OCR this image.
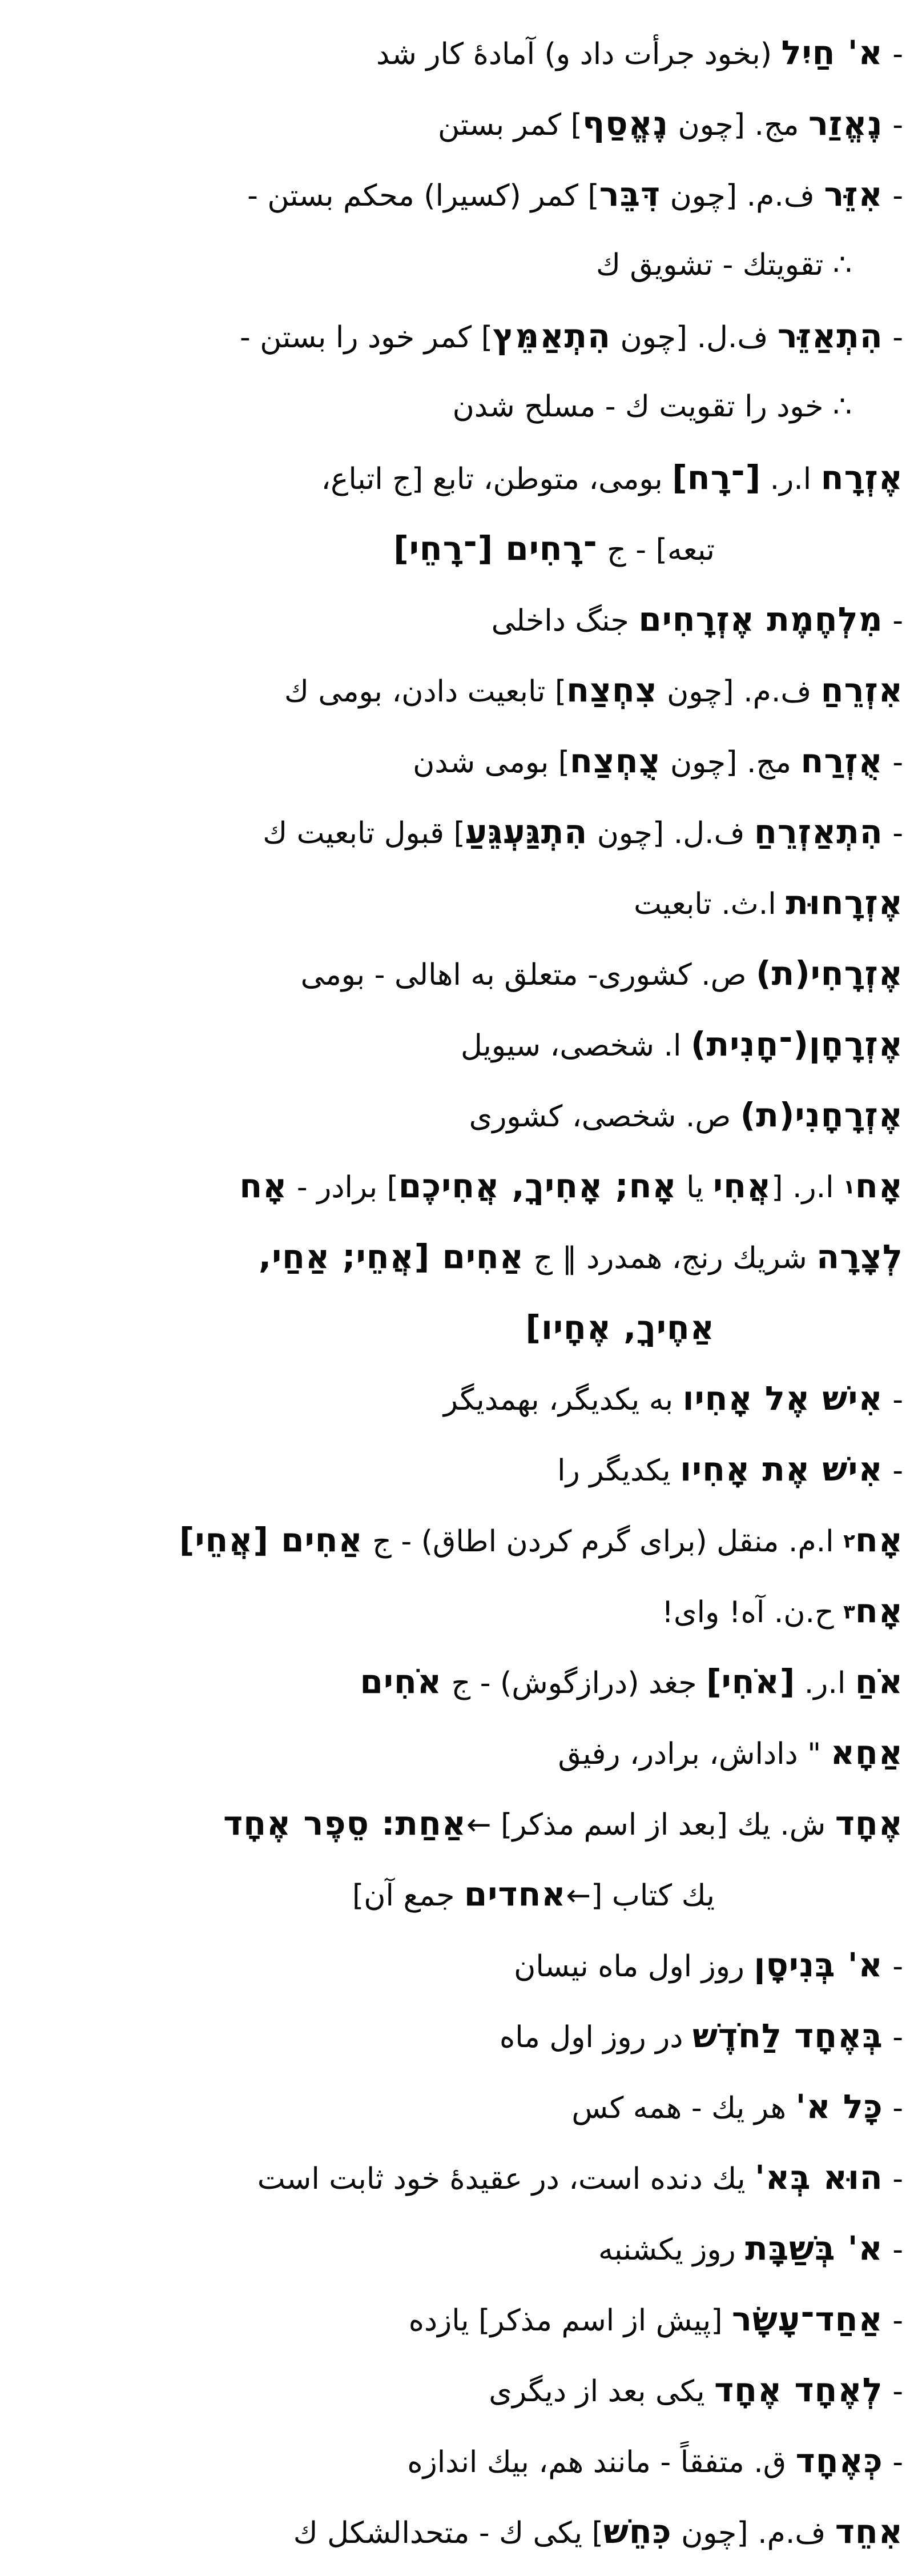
- א' חַיִל (بخود جرأت داد و) آمادۀ كار شد
- נֶאֱזַר مج. [چون נֶאֱסַף] كمر بستن
- אִזֵּר ف.م. [چون דִּבֵּר] كمر (كسيرا) محكم بستن -
∴ تقويتك - تشويق ك
- הִתְאַזֵּר ف.ل. [چون הִתְאַמֵּץ] كمر خود را بستن -
∴ خود را تقويت ك - مسلح شدن
אֶזְרָח ا.ر. [־רָח] بومى، متوطن، تابع [ج اتباع،
تبعه] - ج ־רָחִים [־רָחֵי]
- מִלְחֶמֶת אֶזְרָחִים جنگ داخلى
אִזְרֵחַ ف.م. [چون צִחְצַח] تابعيت دادن، بومى ك
- אֻזְרַח مج. [چون צֻחְצַח] بومى شدن
- הִתְאַזְרֵחַ ف.ل. [چون הִתְגַּעְגֵּעַ] قبول تابعيت ك
אֶזְרָחוּת ا.ث. تابعيت
אֶזְרָחִי(ת) ص. كشورى- متعلق به اهالى - بومى
אֶזְרָחָן(־חָנִית) ا. شخصى، سيويل
אֶזְרָחָנִי(ת) ص. شخصى، كشورى
אָח١ ا.ر. [אֲחִי يا אָח; אָחִיךָ, אֲחִיכֶם] برادر - אָח
לְצָרָה شريك رنج، همدرد ‖ ج אַחִים [אֲחֵי; אַחַי,
אַחֶיךָ, אֶחָיו]
- אִישׁ אֶל אָחִיו به يكديگر، بهمديگر
- אִישׁ אֶת אָחִיו يكديگر را
אָח٢ ا.م. منقل (براى گرم كردن اطاق) - ج אַחִים [אֲחֵי]
אָח٣ ح.ن. آه! واى!
אֹחַ ا.ر. [אֹחִי] جغد (درازگوش) - ج אֹחִים
אַחָא " داداش، برادر، رفيق
אֶחָד ش. يك [بعد از اسم مذكر] ←אַחַת: סֵפֶר אֶחָד
يك كتاب [←אחדים جمع آن]
- א' בְּנִיסָן روز اول ماه نيسان
- בְּאֶחָד לַחֹדֶשׁ در روز اول ماه
- כָּל א' هر يك - همه كس
- הוּא בְּא' يك دنده است، در عقيدۀ خود ثابت است
- א' בְּשַׁבָּת روز يكشنبه
- אַחַד־עָשָׂר [پيش از اسم مذكر] يازده
- לְאֶחָד אֶחָד يكى بعد از ديگرى
- כְּאֶחָד ق. متفقاً - مانند هم، بيك اندازه
אִחֵד ف.م. [چون כִּחֵשׁ] يكى ك - متحدالشكل ك
